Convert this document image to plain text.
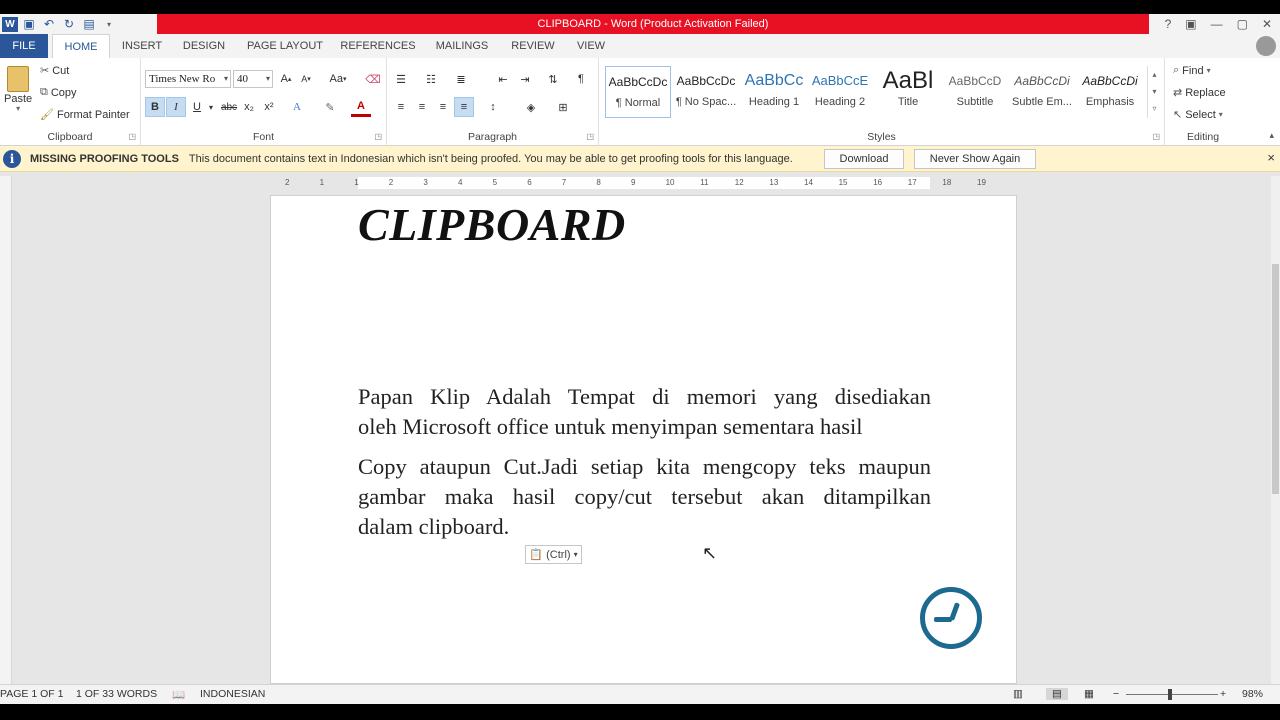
W ▣ ↶ ↻ ▤	▾	CLIPBOARD - Word (Product Activation Failed)	? ▣ — ▢ ✕
FILE	HOME	INSERT	DESIGN	PAGE LAYOUT	REFERENCES	MAILINGS	REVIEW	VIEW
Paste
▾
✂ Cut
⧉ Copy
🖌 Format Painter
Clipboard	◳
Times New Ro ▾ 40 ▾ A ▴ A ▾ Aa ▾ ⌫
B	I	U	▾ abc x₂ x²	A	✎	A
Font	◳
☰	☷	≣	⇤	⇥	⇅	¶
≡	≡	≡	≡	↕	◈	⊞
Paragraph	◳
AaBbCcDc
¶ Normal
AaBbCcDc
¶ No Spac...
AaBbCc
Heading 1
AaBbCcE
Heading 2
AaBl
Title
AaBbCcD
Subtitle
AaBbCcDi
Subtle Em...
AaBbCcDi
Emphasis
▴
▾
▿
Styles	◳
⌕ Find ▾
⇄ Replace
↖ Select ▾
Editing	▴
i	MISSING PROOFING TOOLS This document contains text in Indonesian which isn't being proofed. You may be able to get proofing tools for this language.	Download	Never Show Again	×
2	1	1	2	3	4	5	6	7	8	9	10	11	12	13	14	15	16	17	18	19
CLIPBOARD
Papan Klip Adalah Tempat di memori yang disediakan
oleh Microsoft office untuk menyimpan sementara hasil
Copy ataupun Cut.Jadi setiap kita mengcopy teks maupun
gambar maka hasil copy/cut tersebut akan ditampilkan
dalam clipboard.
📋 (Ctrl) ▾	↖
PAGE 1 OF 1 1 OF 33 WORDS 📖 INDONESIAN	▥	▤	▦ −	+ 98%
